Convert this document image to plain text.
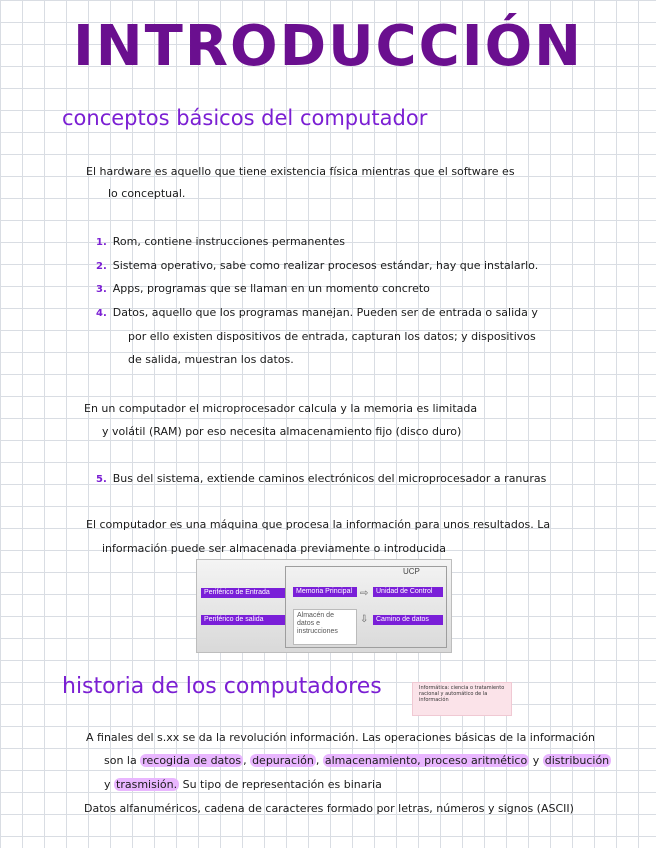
INTRODUCCIÓN
conceptos básicos del computador
El hardware es aquello que tiene existencia física mientras que el software es
lo conceptual.
1. Rom, contiene instrucciones permanentes
2. Sistema operativo, sabe como realizar procesos estándar, hay que instalarlo.
3. Apps, programas que se llaman en un momento concreto
4. Datos, aquello que los programas manejan. Pueden ser de entrada o salida y
por ello existen dispositivos de entrada, capturan los datos; y dispositivos
de salida, muestran los datos.
En un computador el microprocesador calcula y la memoria es limitada
y volátil (RAM) por eso necesita almacenamiento fijo (disco duro)
5. Bus del sistema, extiende caminos electrónicos del microprocesador a ranuras
El computador es una máquina que procesa la información para unos resultados. La
información puede ser almacenada previamente o introducida
UCP
Periférico de Entrada
Periférico de salida
Memoria Principal
Almacén de datos e instrucciones
⇨
⇩
Unidad de Control
Camino de datos
historia de los computadores	Informática: ciencia o tratamiento racional y automático de la información
A finales del s.xx se da la revolución información. Las operaciones básicas de la información
son la recogida de datos , depuración , almacenamiento, proceso aritmético y distribución
y trasmisión. Su tipo de representación es binaria
Datos alfanuméricos, cadena de caracteres formado por letras, números y signos (ASCII)
